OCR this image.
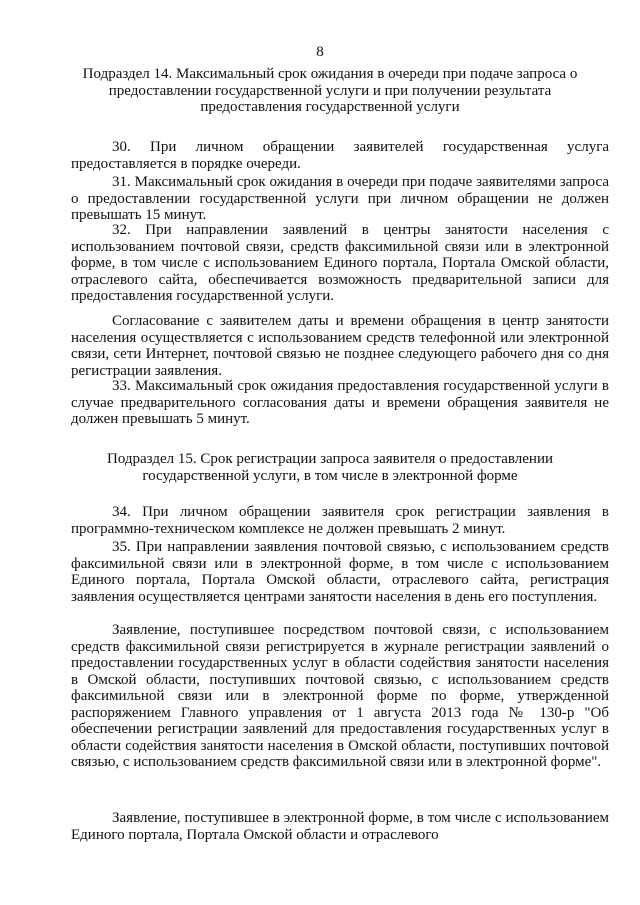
8
Подраздел 14. Максимальный срок ожидания в очереди при подаче запроса о предоставлении государственной услуги и при получении результата предоставления государственной услуги

30. При личном обращении заявителей государственная услуга предоставляется в порядке очереди.

31. Максимальный срок ожидания в очереди при подаче заявителями запроса о предоставлении государственной услуги при личном обращении не должен превышать 15 минут.

32. При направлении заявлений в центры занятости населения с использованием почтовой связи, средств факсимильной связи или в электронной форме, в том числе с использованием Единого портала, Портала Омской области, отраслевого сайта, обеспечивается возможность предварительной записи для предоставления государственной услуги.

Согласование с заявителем даты и времени обращения в центр занятости населения осуществляется с использованием средств телефонной или электронной связи, сети Интернет, почтовой связью не позднее следующего рабочего дня со дня регистрации заявления.

33. Максимальный срок ожидания предоставления государственной услуги в случае предварительного согласования даты и времени обращения заявителя не должен превышать 5 минут.

Подраздел 15. Срок регистрации запроса заявителя о предоставлении государственной услуги, в том числе в электронной форме

34. При личном обращении заявителя срок регистрации заявления в программно-техническом комплексе не должен превышать 2 минут.

35. При направлении заявления почтовой связью, с использованием средств факсимильной связи или в электронной форме, в том числе с использованием Единого портала, Портала Омской области, отраслевого сайта, регистрация заявления осуществляется центрами занятости населения в день его поступления.

Заявление, поступившее посредством почтовой связи, с использованием средств факсимильной связи регистрируется в журнале регистрации заявлений о предоставлении государственных услуг в области содействия занятости населения в Омской области, поступивших почтовой связью, с использованием средств факсимильной связи или в электронной форме по форме, утвержденной распоряжением Главного управления от 1 августа 2013 года № 130-р "Об обеспечении регистрации заявлений для предоставления государственных услуг в области содействия занятости населения в Омской области, поступивших почтовой связью, с использованием средств факсимильной связи или в электронной форме".

Заявление, поступившее в электронной форме, в том числе с использованием Единого портала, Портала Омской области и отраслевого
